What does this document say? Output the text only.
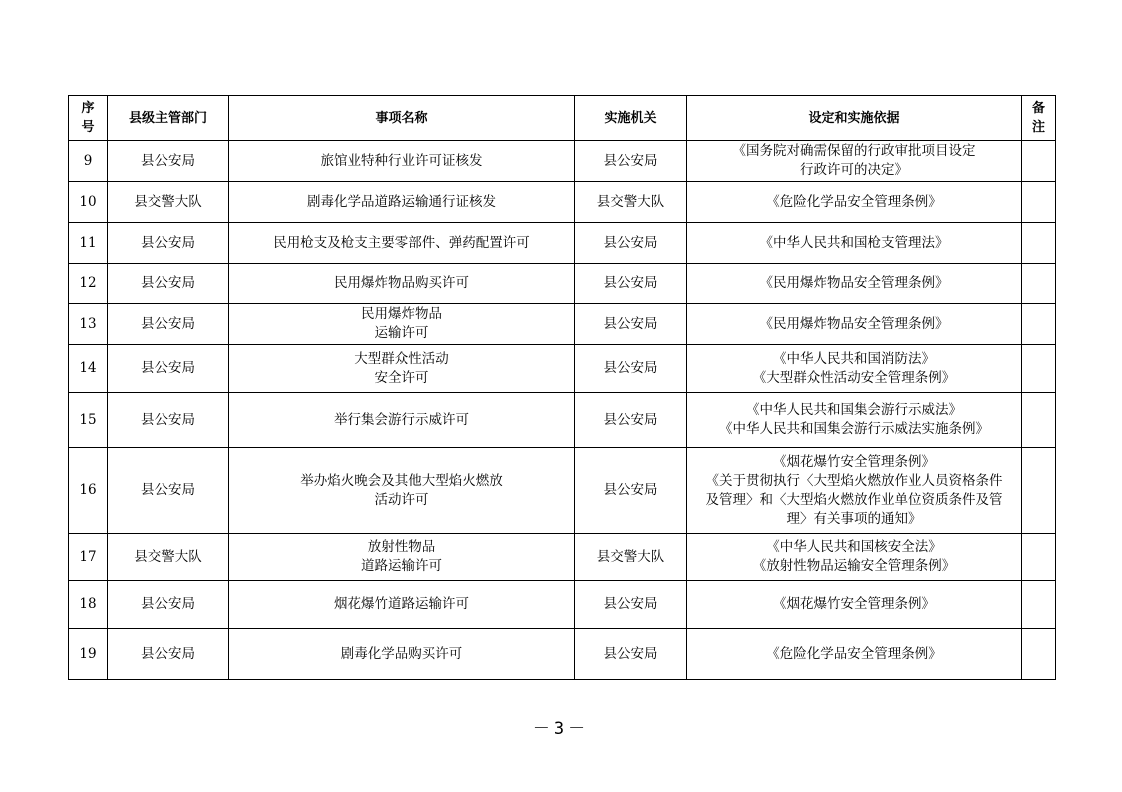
序
号	县级主管部门	事项名称	实施机关	设定和实施依据	备
注

9	县公安局	旅馆业特种行业许可证核发	县公安局	《国务院对确需保留的行政审批项目设定
行政许可的决定》	

10	县交警大队	剧毒化学品道路运输通行证核发	县交警大队	《危险化学品安全管理条例》	

11	县公安局	民用枪支及枪支主要零部件、弹药配置许可	县公安局	《中华人民共和国枪支管理法》	

12	县公安局	民用爆炸物品购买许可	县公安局	《民用爆炸物品安全管理条例》	

13	县公安局	民用爆炸物品
运输许可	县公安局	《民用爆炸物品安全管理条例》	

14	县公安局	大型群众性活动
安全许可	县公安局	《中华人民共和国消防法》
《大型群众性活动安全管理条例》	

15	县公安局	举行集会游行示威许可	县公安局	《中华人民共和国集会游行示威法》
《中华人民共和国集会游行示威法实施条例》	

16	县公安局	举办焰火晚会及其他大型焰火燃放
活动许可	县公安局	《烟花爆竹安全管理条例》
《关于贯彻执行〈大型焰火燃放作业人员资格条件
及管理〉和〈大型焰火燃放作业单位资质条件及管
理〉有关事项的通知》	

17	县交警大队	放射性物品
道路运输许可	县交警大队	《中华人民共和国核安全法》
《放射性物品运输安全管理条例》	

18	县公安局	烟花爆竹道路运输许可	县公安局	《烟花爆竹安全管理条例》	

19	县公安局	剧毒化学品购买许可	县公安局	《危险化学品安全管理条例》	

－3－
